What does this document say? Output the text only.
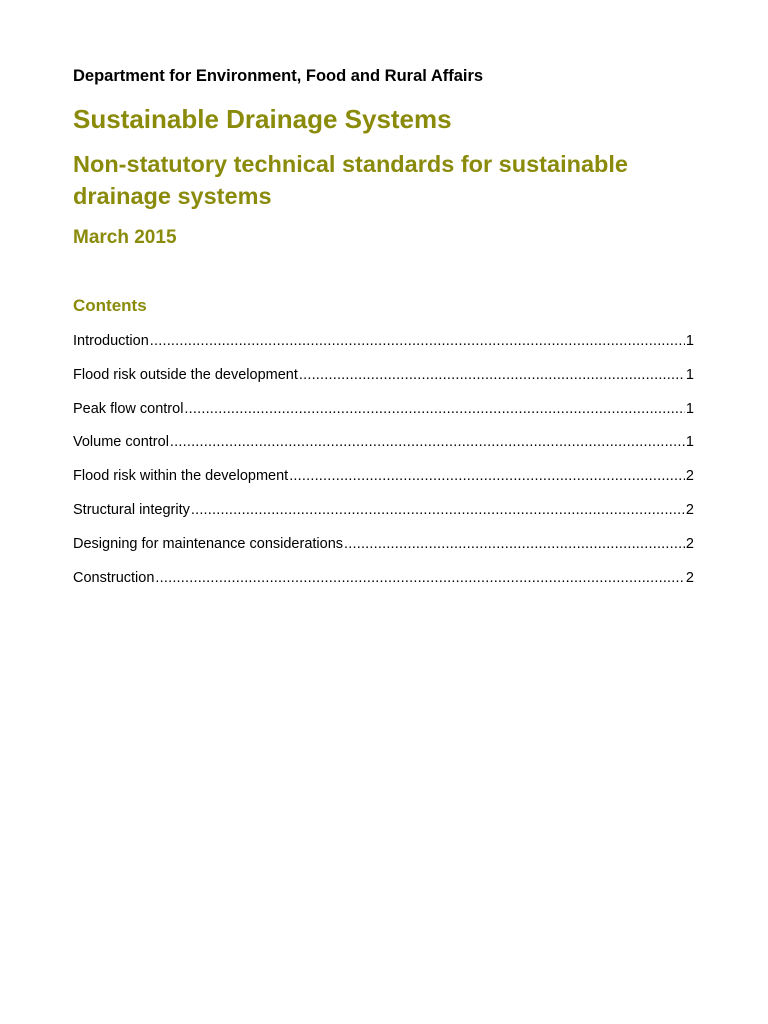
Department for Environment, Food and Rural Affairs
Sustainable Drainage Systems
Non-statutory technical standards for sustainable drainage systems
March 2015
Contents
Introduction .....	1
Flood risk outside the development .....	1
Peak flow control .....	1
Volume control .....	1
Flood risk within the development .....	2
Structural integrity .....	2
Designing for maintenance considerations .....	2
Construction .....	2
